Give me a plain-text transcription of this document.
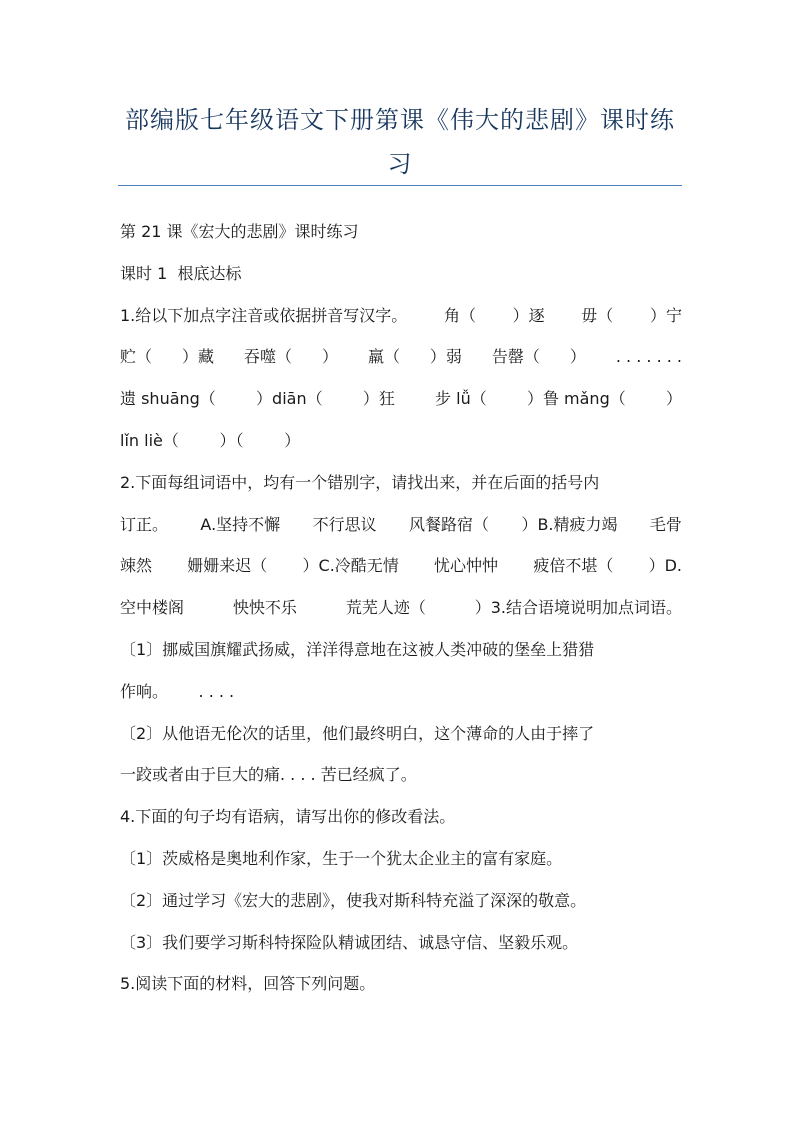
部编版七年级语文下册第课《伟大的悲剧》课时练
习
第 21 课《宏大的悲剧》课时练习
课时 1  根底达标
1.给以下加点字注音或依据拼音写汉字。 角（ ）逐 毋（ ）宁
贮（ ）藏 吞噬（ ） 羸（ ）弱 告罄（ ） . . . . . . .
遗 shuāng（	）diān（	）狂	步 lǚ（	）鲁 mǎng（	）
lǐn liè（        ）（        ）
2.下面每组词语中，均有一个错别字，请找出来，并在后面的括号内
订正。 A.坚持不懈 不行思议 风餐路宿（ ）B.精疲力竭 毛骨
竦然 姗姗来迟（ ）C.冷酷无情 忧心忡忡 疲倍不堪（ ）D.
空中楼阁	怏怏不乐	荒芜人迹（	）3.结合语境说明加点词语。
〔1〕挪威国旗耀武扬威，洋洋得意地在这被人类冲破的堡垒上猎猎
作响。      . . . .
〔2〕从他语无伦次的话里，他们最终明白，这个薄命的人由于摔了
一跤或者由于巨大的痛. . . . 苦已经疯了。
4.下面的句子均有语病，请写出你的修改看法。
〔1〕茨威格是奥地利作家，生于一个犹太企业主的富有家庭。
〔2〕通过学习《宏大的悲剧》，使我对斯科特充溢了深深的敬意。
〔3〕我们要学习斯科特探险队精诚团结、诚恳守信、坚毅乐观。
5.阅读下面的材料，回答下列问题。
